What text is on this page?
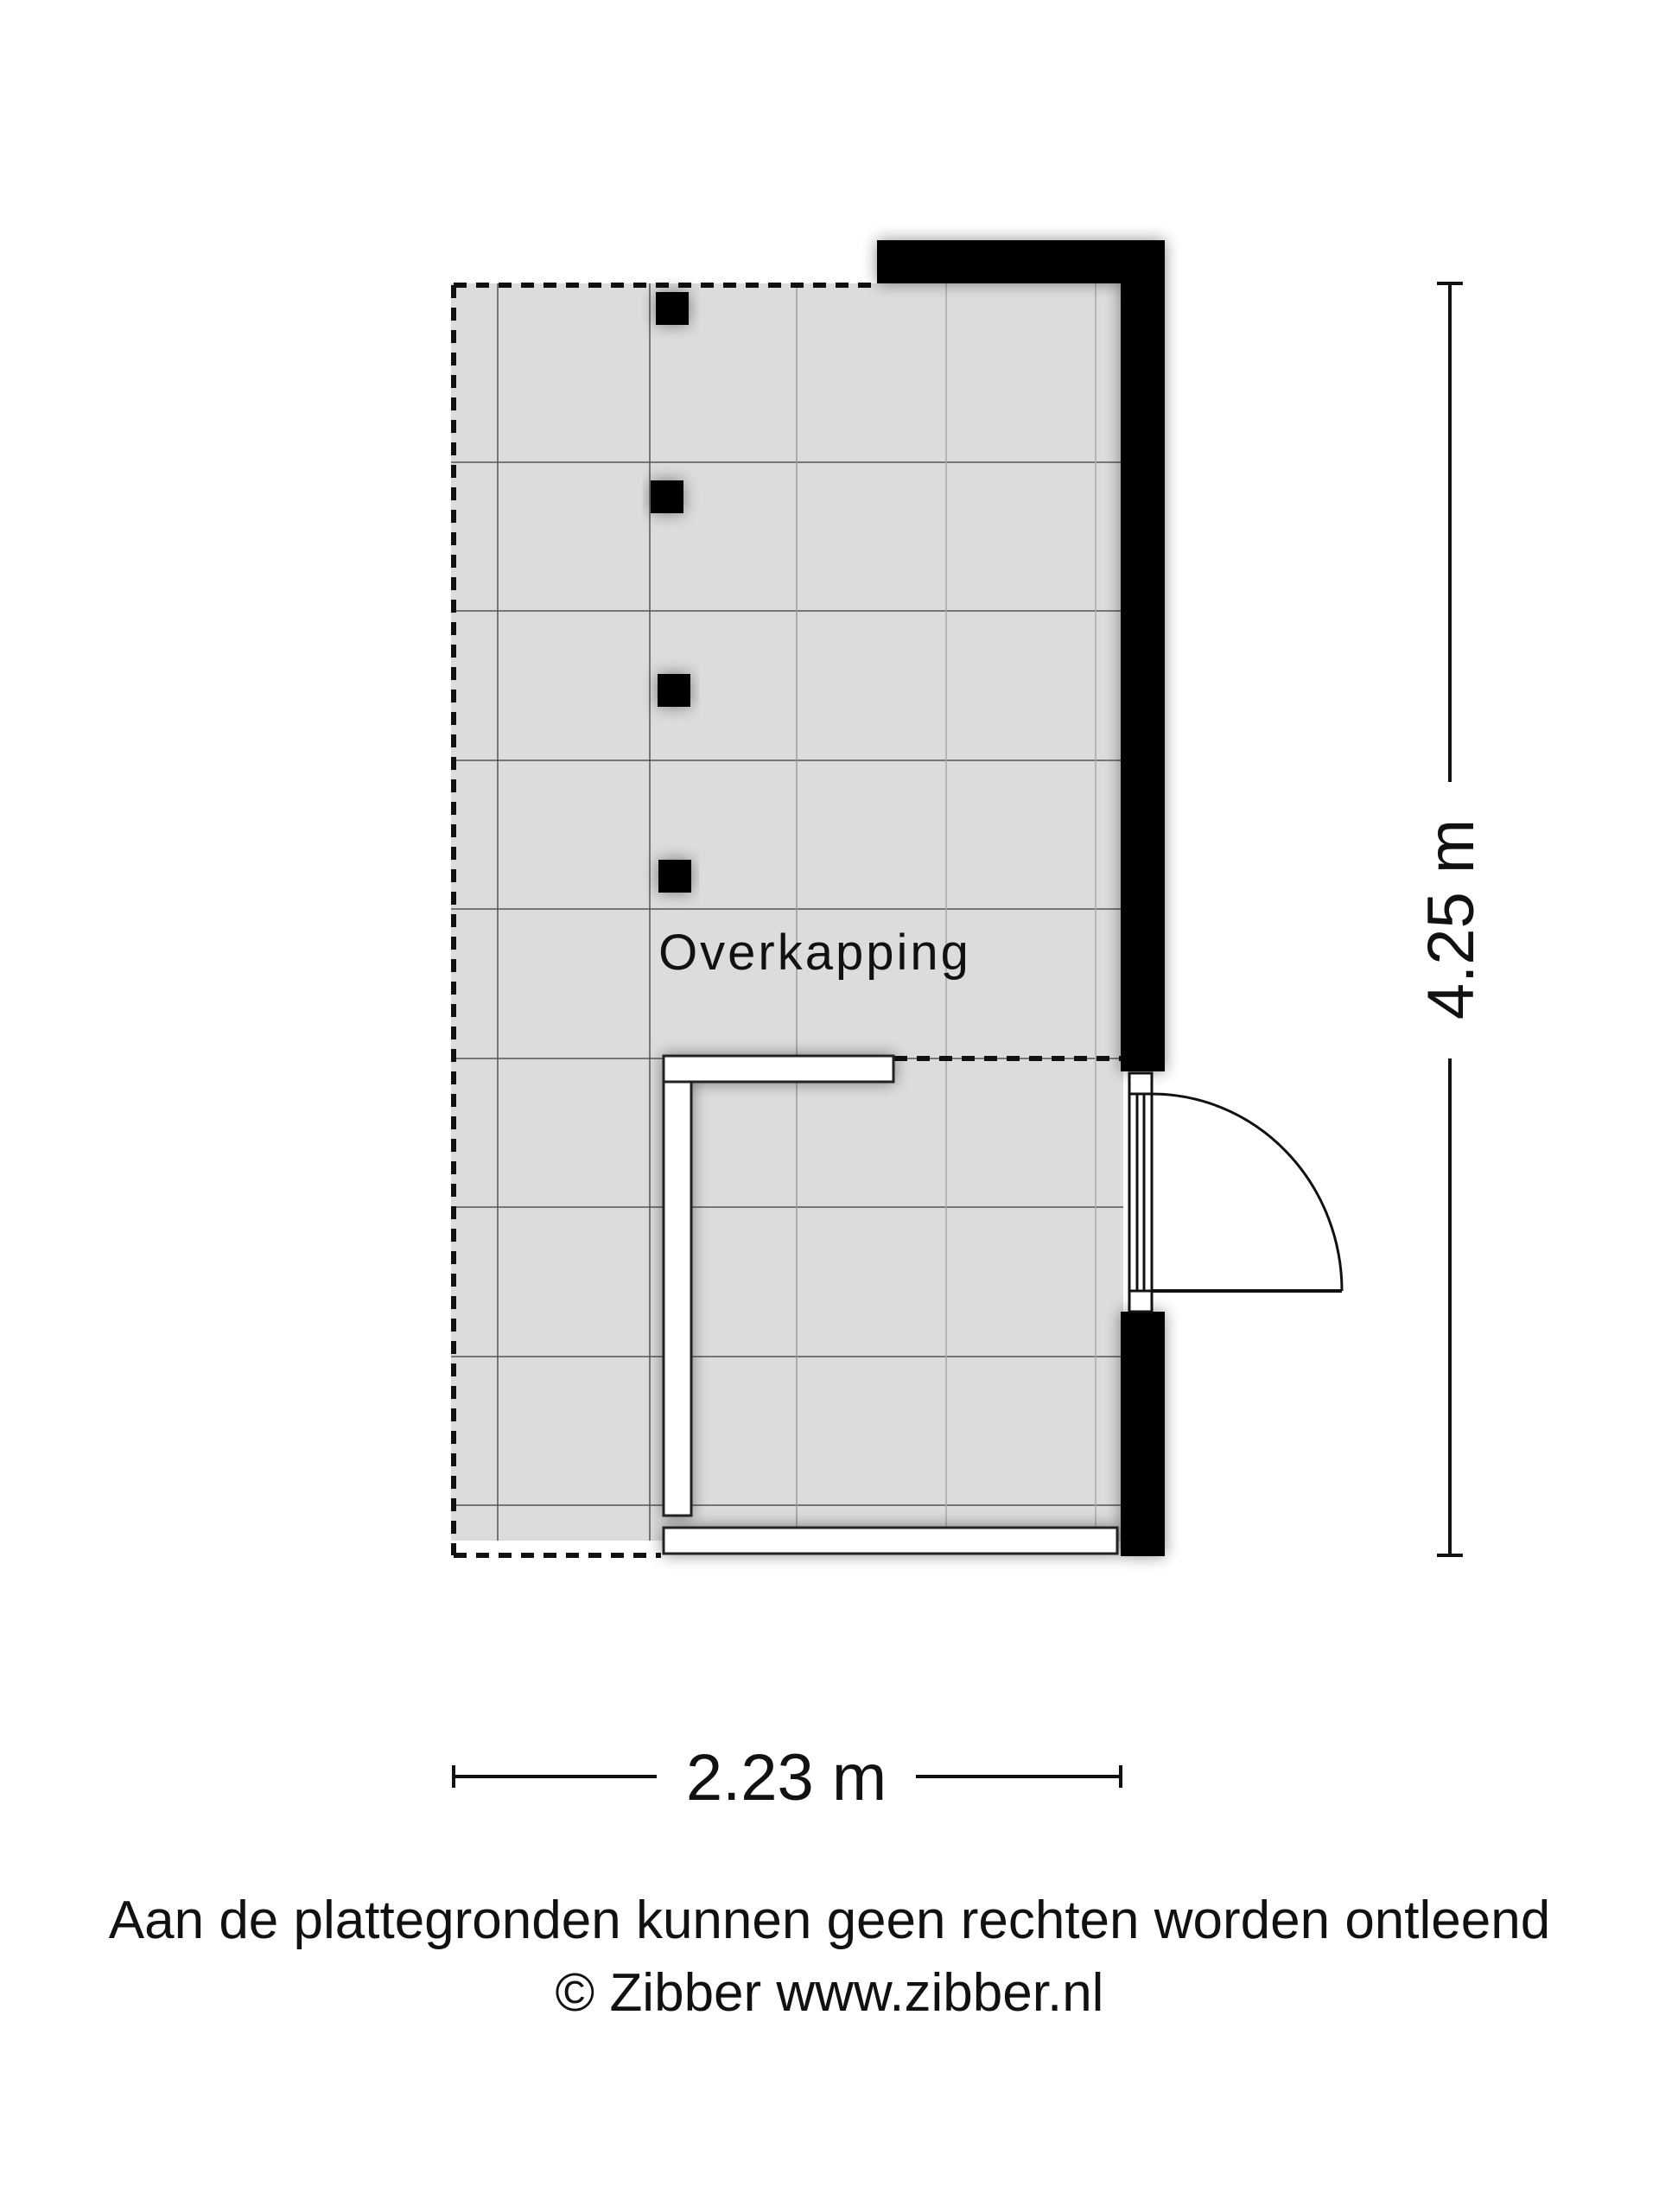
Overkapping	4.25 m
2.23 m
Aan de plattegronden kunnen geen rechten worden ontleend
© Zibber www.zibber.nl
